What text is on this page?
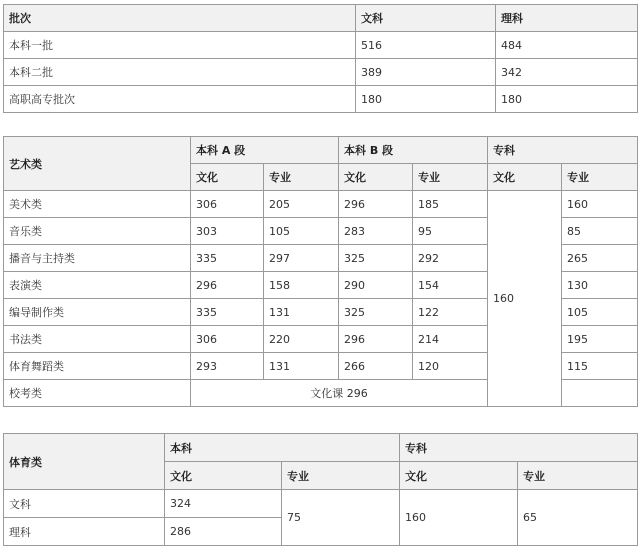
批次	文科	理科
本科一批	516	484
本科二批	389	342
高职高专批次	180	180
艺术类	本科 A 段		本科 B 段		专科	
	文化	专业	文化	专业	文化	专业
美术类	306	205	296	185	160	160
音乐类	303	105	283	95		85
播音与主持类	335	297	325	292		265
表演类	296	158	290	154		130
编导制作类	335	131	325	122		105
书法类	306	220	296	214		195
体育舞蹈类	293	131	266	120		115
校考类	文化课 296					
体育类	本科		专科	
	文化	专业	文化	专业
文科	324	75	160	65
理科	286			
